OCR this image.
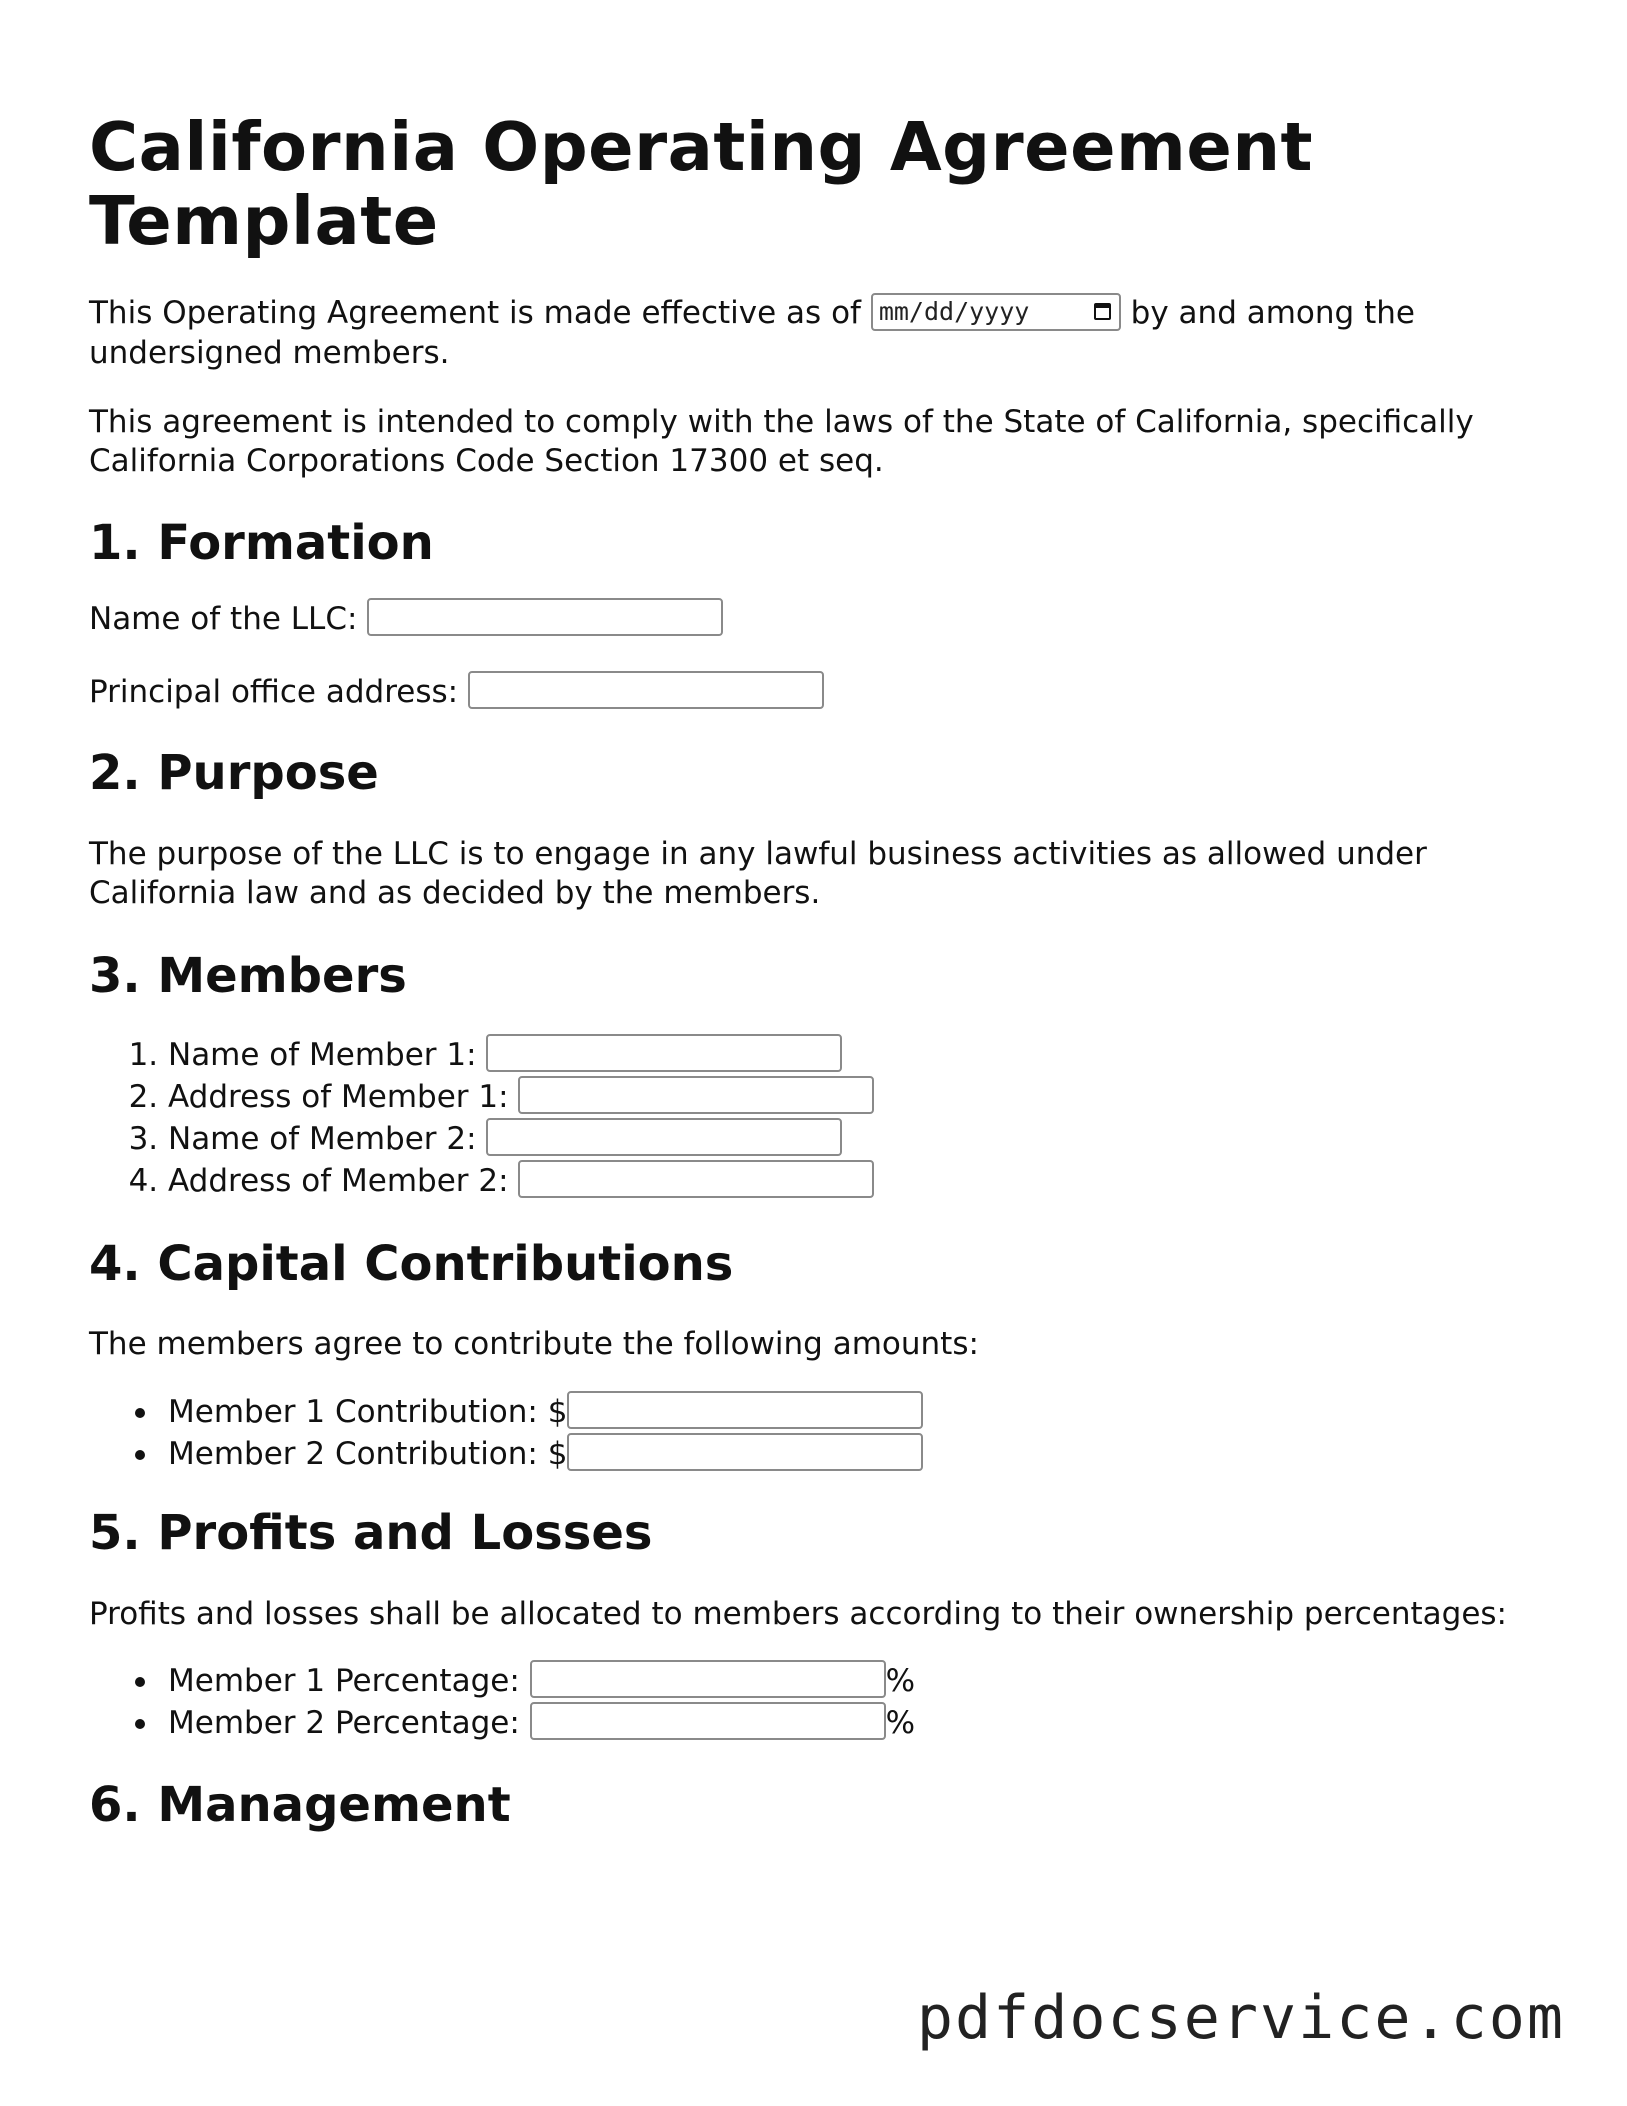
California Operating Agreement Template

This Operating Agreement is made effective as of mm/dd/yyyy	by and among the undersigned members.

This agreement is intended to comply with the laws of the State of California, specifically California Corporations Code Section 17300 et seq.

1. Formation
Name of the LLC:
Principal office address:
2. Purpose

The purpose of the LLC is to engage in any lawful business activities as allowed under California law and as decided by the members.

3. Members
1. Name of Member 1:
2. Address of Member 1:
3. Name of Member 2:
4. Address of Member 2:
4. Capital Contributions

The members agree to contribute the following amounts:

Member 1 Contribution: $
Member 2 Contribution: $
5. Profits and Losses

Profits and losses shall be allocated to members according to their ownership percentages:

Member 1 Percentage:	%
Member 2 Percentage:	%
6. Management
pdfdocservice.com
